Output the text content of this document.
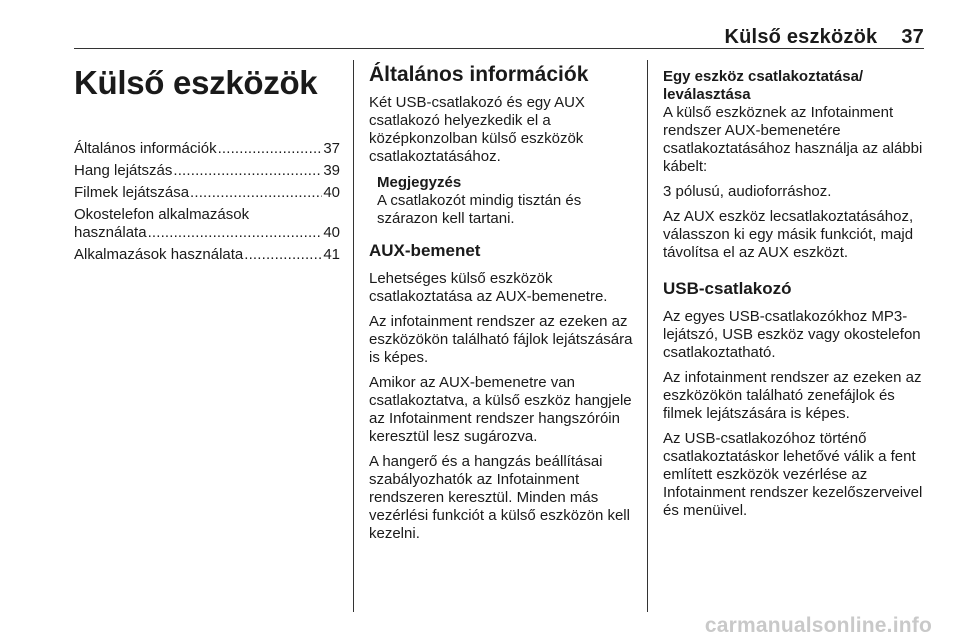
Külső eszközök 37
Külső eszközök
Általános információk . . .	37
Hang lejátszás . . .	39
Filmek lejátszása . . .	40
Okostelefon alkalmazások
használata . . .	40
Alkalmazások használata . . .	41
Általános információk

Két USB-csatlakozó és egy AUX csatlakozó helyezkedik el a középkonzolban külső eszközök csatlakoztatásához.

Megjegyzés
A csatlakozót mindig tisztán és szárazon kell tartani.
AUX-bemenet

Lehetséges külső eszközök csatlakoztatása az AUX-bemenetre.

Az infotainment rendszer az ezeken az eszközökön található fájlok lejátszására is képes.

Amikor az AUX-bemenetre van csatlakoztatva, a külső eszköz hangjele az Infotainment rendszer hangszóróin keresztül lesz sugározva.

A hangerő és a hangzás beállításai szabályozhatók az Infotainment rendszeren keresztül. Minden más vezérlési funkciót a külső eszközön kell kezelni.

Egy eszköz csatlakoztatása/ leválasztása

A külső eszköznek az Infotainment rendszer AUX-bemenetére csatlakoztatásához használja az alábbi kábelt:

3 pólusú, audioforráshoz.

Az AUX eszköz lecsatlakoztatásához, válasszon ki egy másik funkciót, majd távolítsa el az AUX eszközt.

USB-csatlakozó

Az egyes USB-csatlakozókhoz MP3-lejátszó, USB eszköz vagy okostelefon csatlakoztatható.

Az infotainment rendszer az ezeken az eszközökön található zenefájlok és filmek lejátszására is képes.

Az USB-csatlakozóhoz történő csatlakoztatáskor lehetővé válik a fent említett eszközök vezérlése az Infotainment rendszer kezelőszerveivel és menüivel.

carmanualsonline.info
